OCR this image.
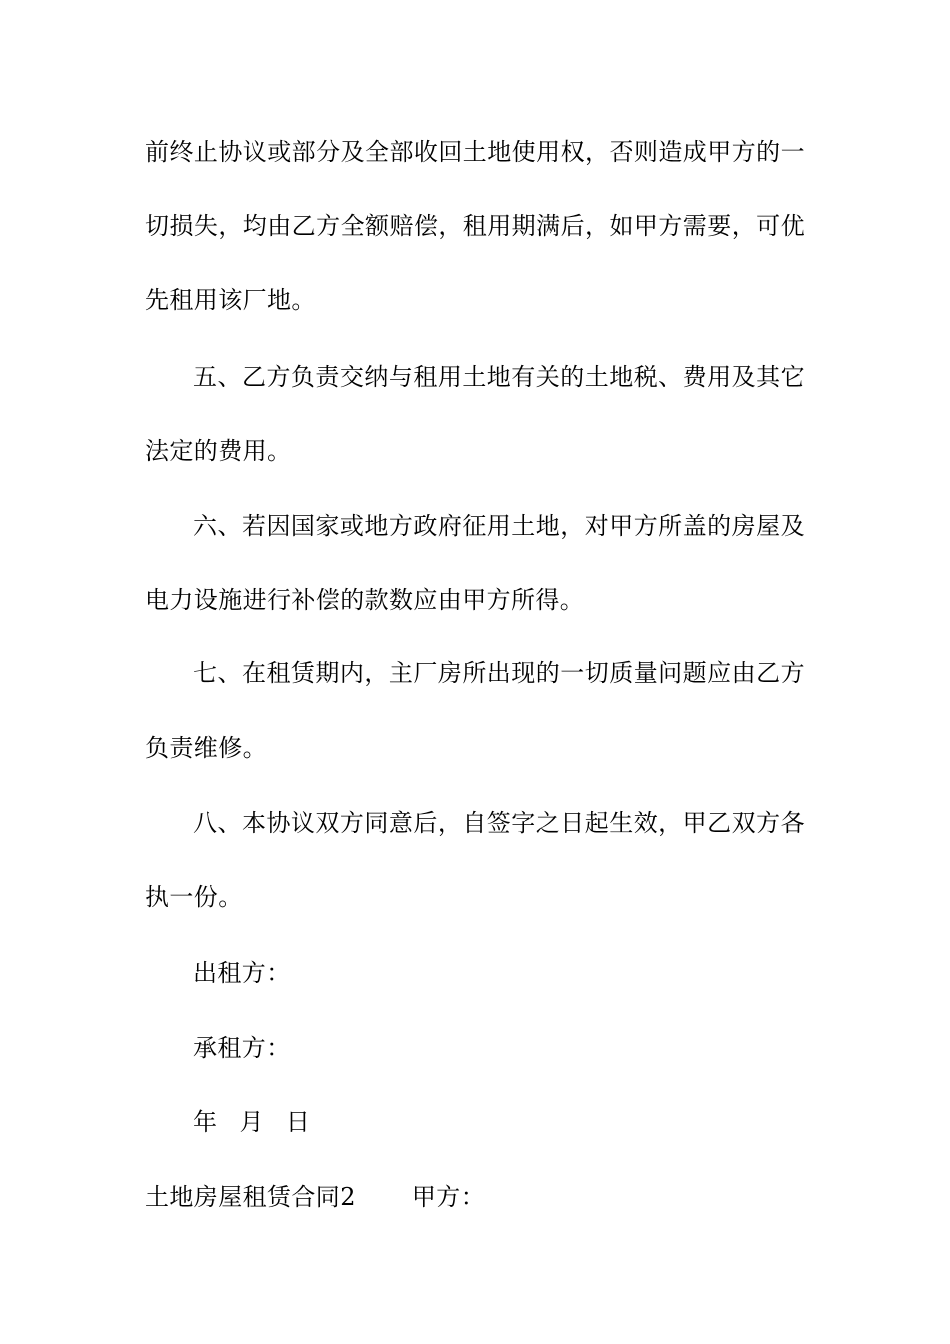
前终止协议或部分及全部收回土地使用权，否则造成甲方的一
切损失，均由乙方全额赔偿，租用期满后，如甲方需要，可优
先租用该厂地。
五、乙方负责交纳与租用土地有关的土地税、费用及其它
法定的费用。
六、若因国家或地方政府征用土地，对甲方所盖的房屋及
电力设施进行补偿的款数应由甲方所得。
七、在租赁期内，主厂房所出现的一切质量问题应由乙方
负责维修。
八、本协议双方同意后，自签字之日起生效，甲乙双方各
执一份。
出租方：
承租方：
年 月 日
土地房屋租赁合同2 甲方：
